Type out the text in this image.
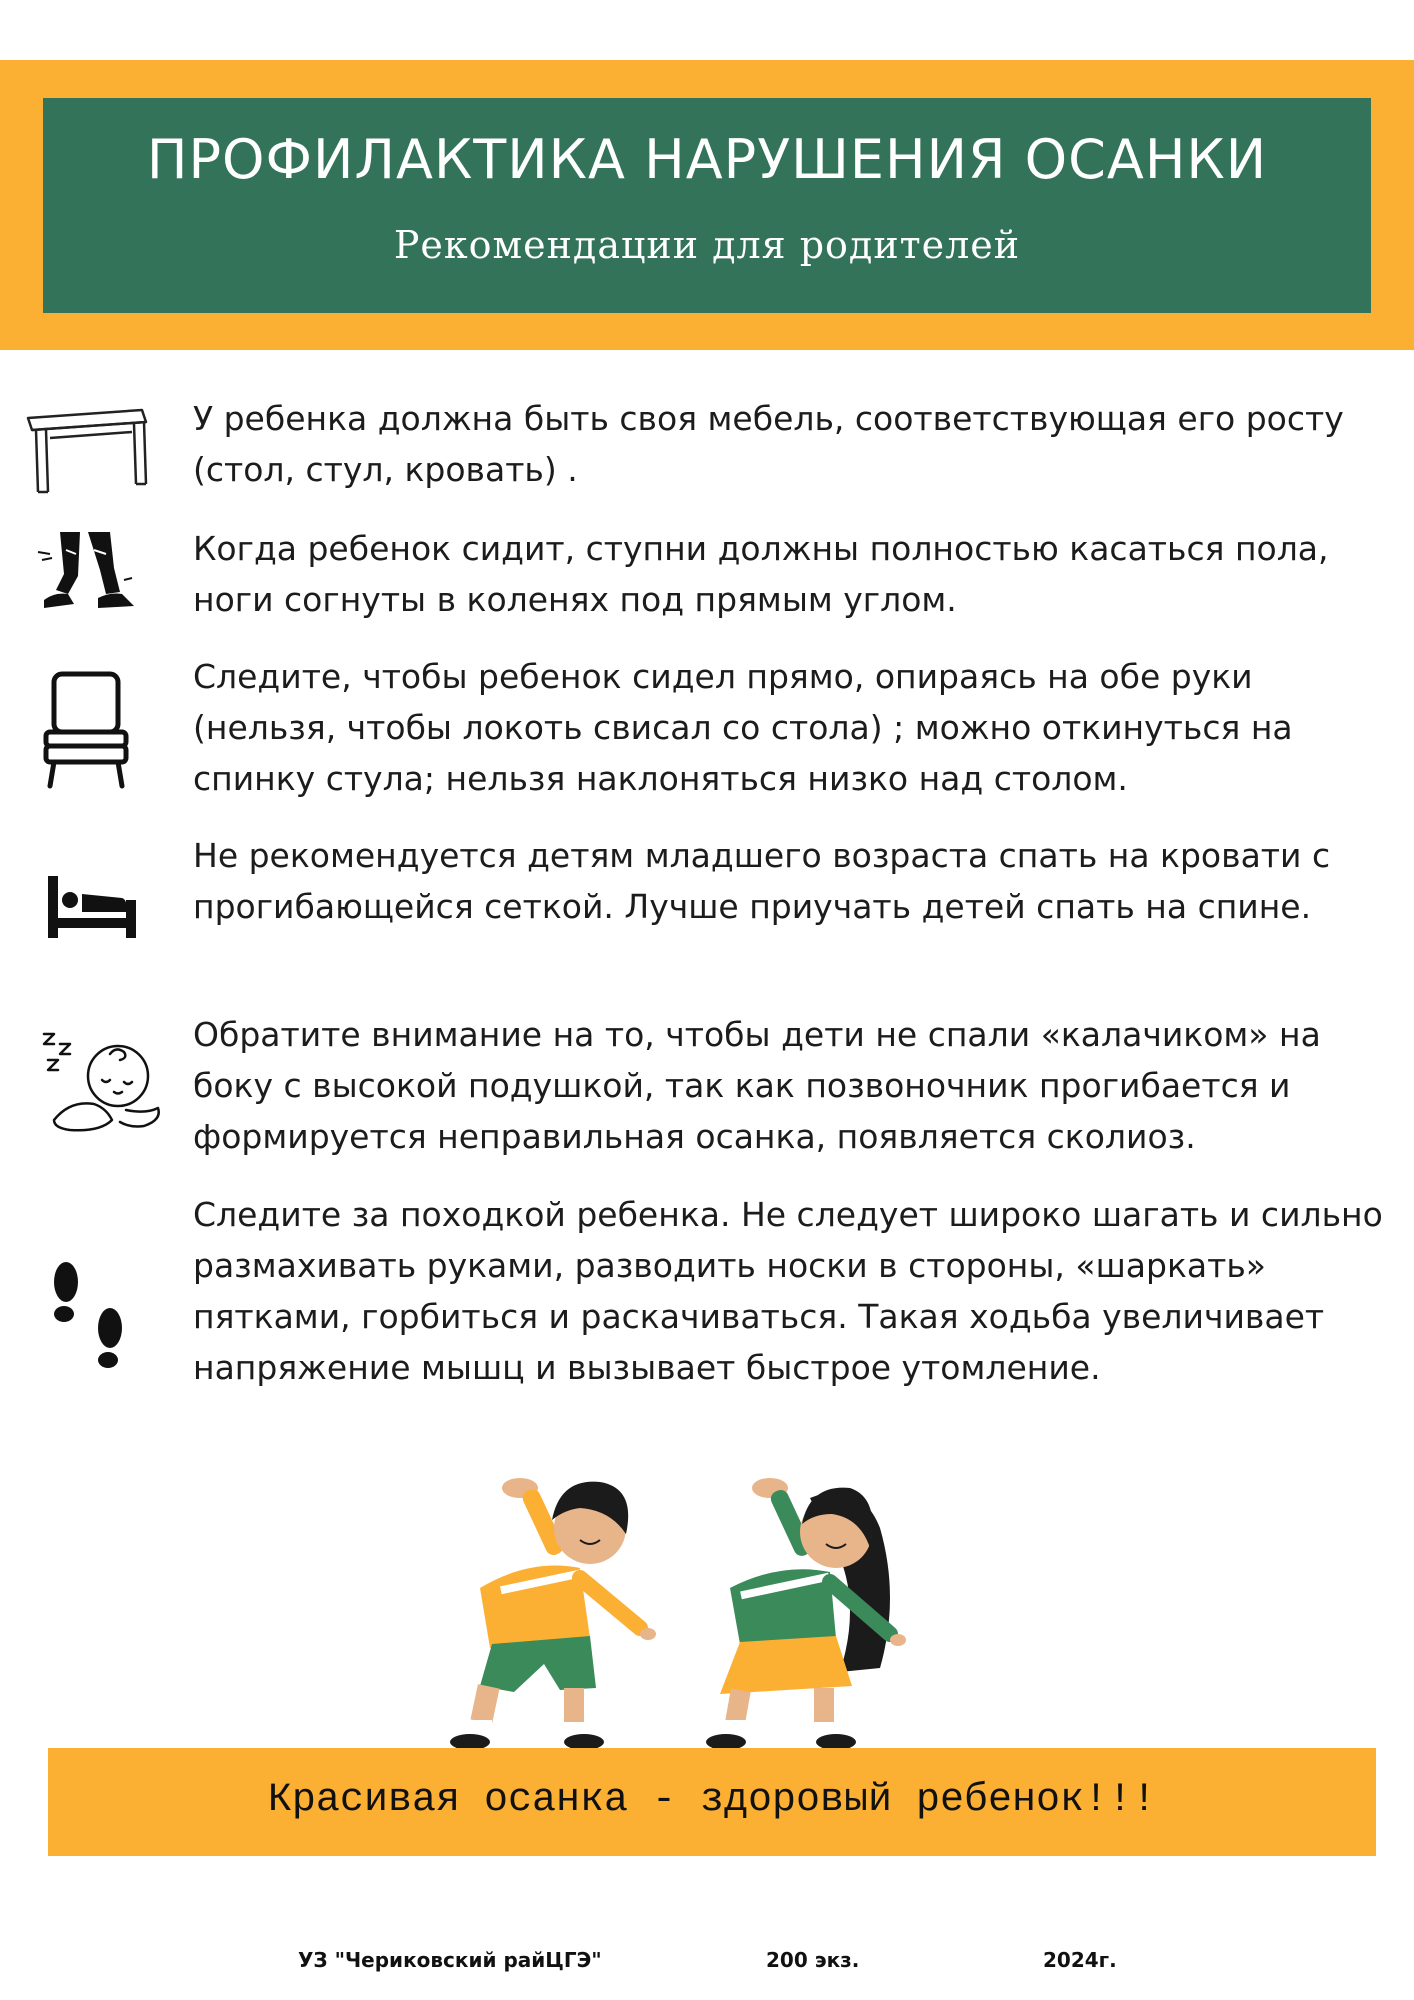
ПРОФИЛАКТИКА НАРУШЕНИЯ ОСАНКИ
Рекомендации для родителей
У ребенка должна быть своя мебель, соответствующая его росту (стол, стул, кровать) .
Когда ребенок сидит, ступни должны полностью касаться пола, ноги согнуты в коленях под прямым углом.
Следите, чтобы ребенок сидел прямо, опираясь на обе руки (нельзя, чтобы локоть свисал со стола) ; можно откинуться на спинку стула; нельзя наклоняться низко над столом.
Не рекомендуется детям младшего возраста спать на кровати с прогибающейся сеткой. Лучше приучать детей спать на спине.
Обратите внимание на то, чтобы дети не спали «калачиком» на боку с высокой подушкой, так как позвоночник прогибается и формируется неправильная осанка, появляется сколиоз.
Следите за походкой ребенка. Не следует широко шагать и сильно размахивать руками, разводить носки в стороны, «шаркать» пятками, горбиться и раскачиваться. Такая ходьба увеличивает напряжение мышц и вызывает быстрое утомление.
Красивая осанка - здоровый ребенок!!!
УЗ "Чериковский райЦГЭ"	200 экз.	2024г.
